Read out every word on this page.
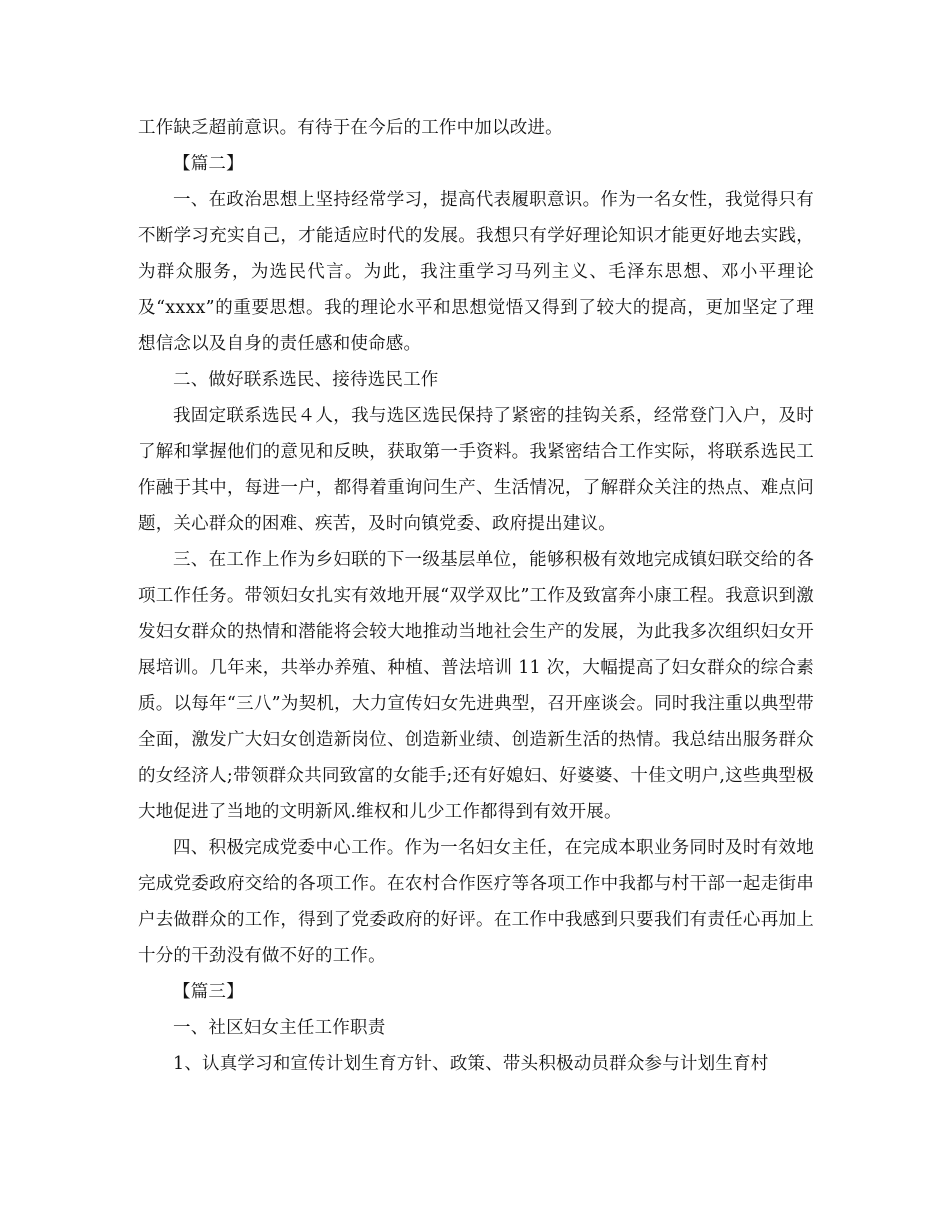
工作缺乏超前意识。有待于在今后的工作中加以改进。

【篇二】

一、在政治思想上坚持经常学习，提高代表履职意识。作为一名女性，我觉得只有不断学习充实自己，才能适应时代的发展。我想只有学好理论知识才能更好地去实践，为群众服务，为选民代言。为此，我注重学习马列主义、毛泽东思想、邓小平理论及“xxxx”的重要思想。我的理论水平和思想觉悟又得到了较大的提高，更加坚定了理想信念以及自身的责任感和使命感。

二、做好联系选民、接待选民工作

我固定联系选民４人，我与选区选民保持了紧密的挂钩关系，经常登门入户，及时了解和掌握他们的意见和反映，获取第一手资料。我紧密结合工作实际，将联系选民工作融于其中，每进一户，都得着重询问生产、生活情况，了解群众关注的热点、难点问题，关心群众的困难、疾苦，及时向镇党委、政府提出建议。

三、在工作上作为乡妇联的下一级基层单位，能够积极有效地完成镇妇联交给的各项工作任务。带领妇女扎实有效地开展“双学双比”工作及致富奔小康工程。我意识到激发妇女群众的热情和潜能将会较大地推动当地社会生产的发展，为此我多次组织妇女开展培训。几年来，共举办养殖、种植、普法培训 11 次，大幅提高了妇女群众的综合素质。以每年“三八”为契机，大力宣传妇女先进典型，召开座谈会。同时我注重以典型带全面，激发广大妇女创造新岗位、创造新业绩、创造新生活的热情。我总结出服务群众的女经济人;带领群众共同致富的女能手;还有好媳妇、好婆婆、十佳文明户,这些典型极大地促进了当地的文明新风.维权和儿少工作都得到有效开展。

四、积极完成党委中心工作。作为一名妇女主任，在完成本职业务同时及时有效地完成党委政府交给的各项工作。在农村合作医疗等各项工作中我都与村干部一起走街串户去做群众的工作，得到了党委政府的好评。在工作中我感到只要我们有责任心再加上十分的干劲没有做不好的工作。

【篇三】

一、社区妇女主任工作职责

1、认真学习和宣传计划生育方针、政策、带头积极动员群众参与计划生育村
